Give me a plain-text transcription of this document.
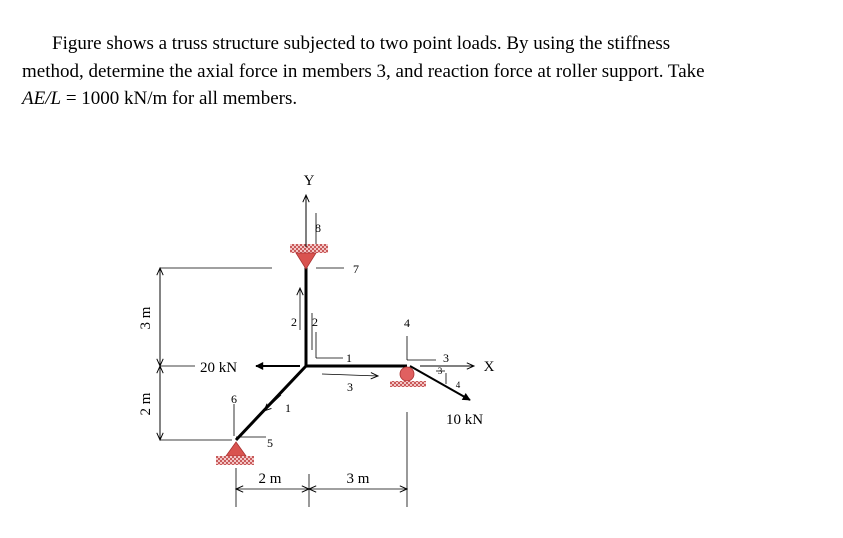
Figure shows a truss structure subjected to two point loads. By using the stiffness method, determine the axial force in members 3, and reaction force at roller support. Take AE/L = 1000 kN/m for all members.

Y
X
3 m
2 m
2 m	3 m
20 kN
10 kN
8
7
2	4
1	3
6
5
2
3
1
3
4
